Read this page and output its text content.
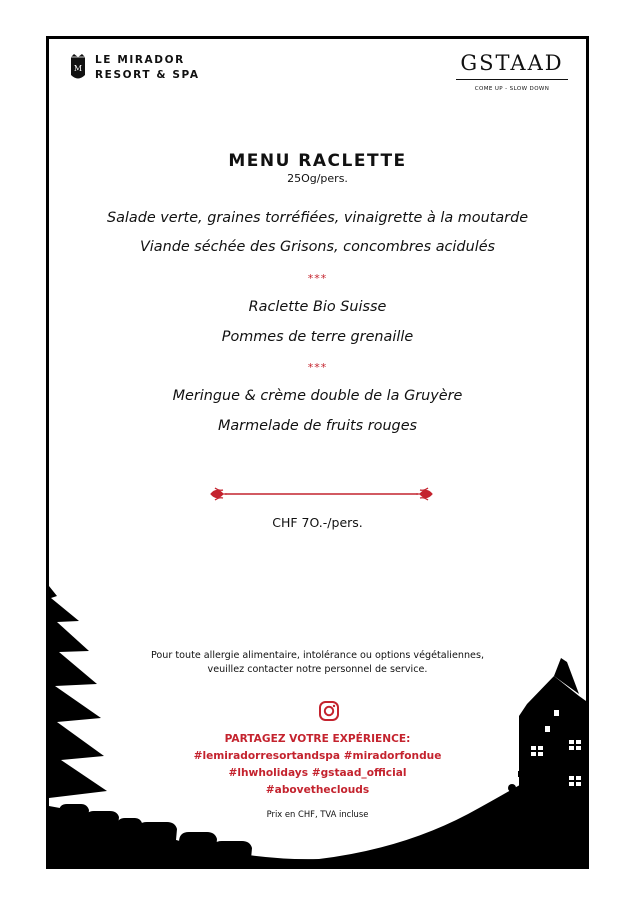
M
LE MIRADOR
RESORT & SPA	GSTAAD
COME UP - SLOW DOWN
MENU RACLETTE
25Og/pers.
Salade verte, graines torréfiées, vinaigrette à la moutarde
Viande séchée des Grisons, concombres acidulés
***
Raclette Bio Suisse
Pommes de terre grenaille
***
Meringue & crème double de la Gruyère
Marmelade de fruits rouges
CHF 7O.-/pers.
Pour toute allergie alimentaire, intolérance ou options végétaliennes,
veuillez contacter notre personnel de service.
PARTAGEZ VOTRE EXPÉRIENCE:
#lemiradorresortandspa #miradorfondue
#lhwholidays #gstaad_official
#abovetheclouds
Prix en CHF, TVA incluse
